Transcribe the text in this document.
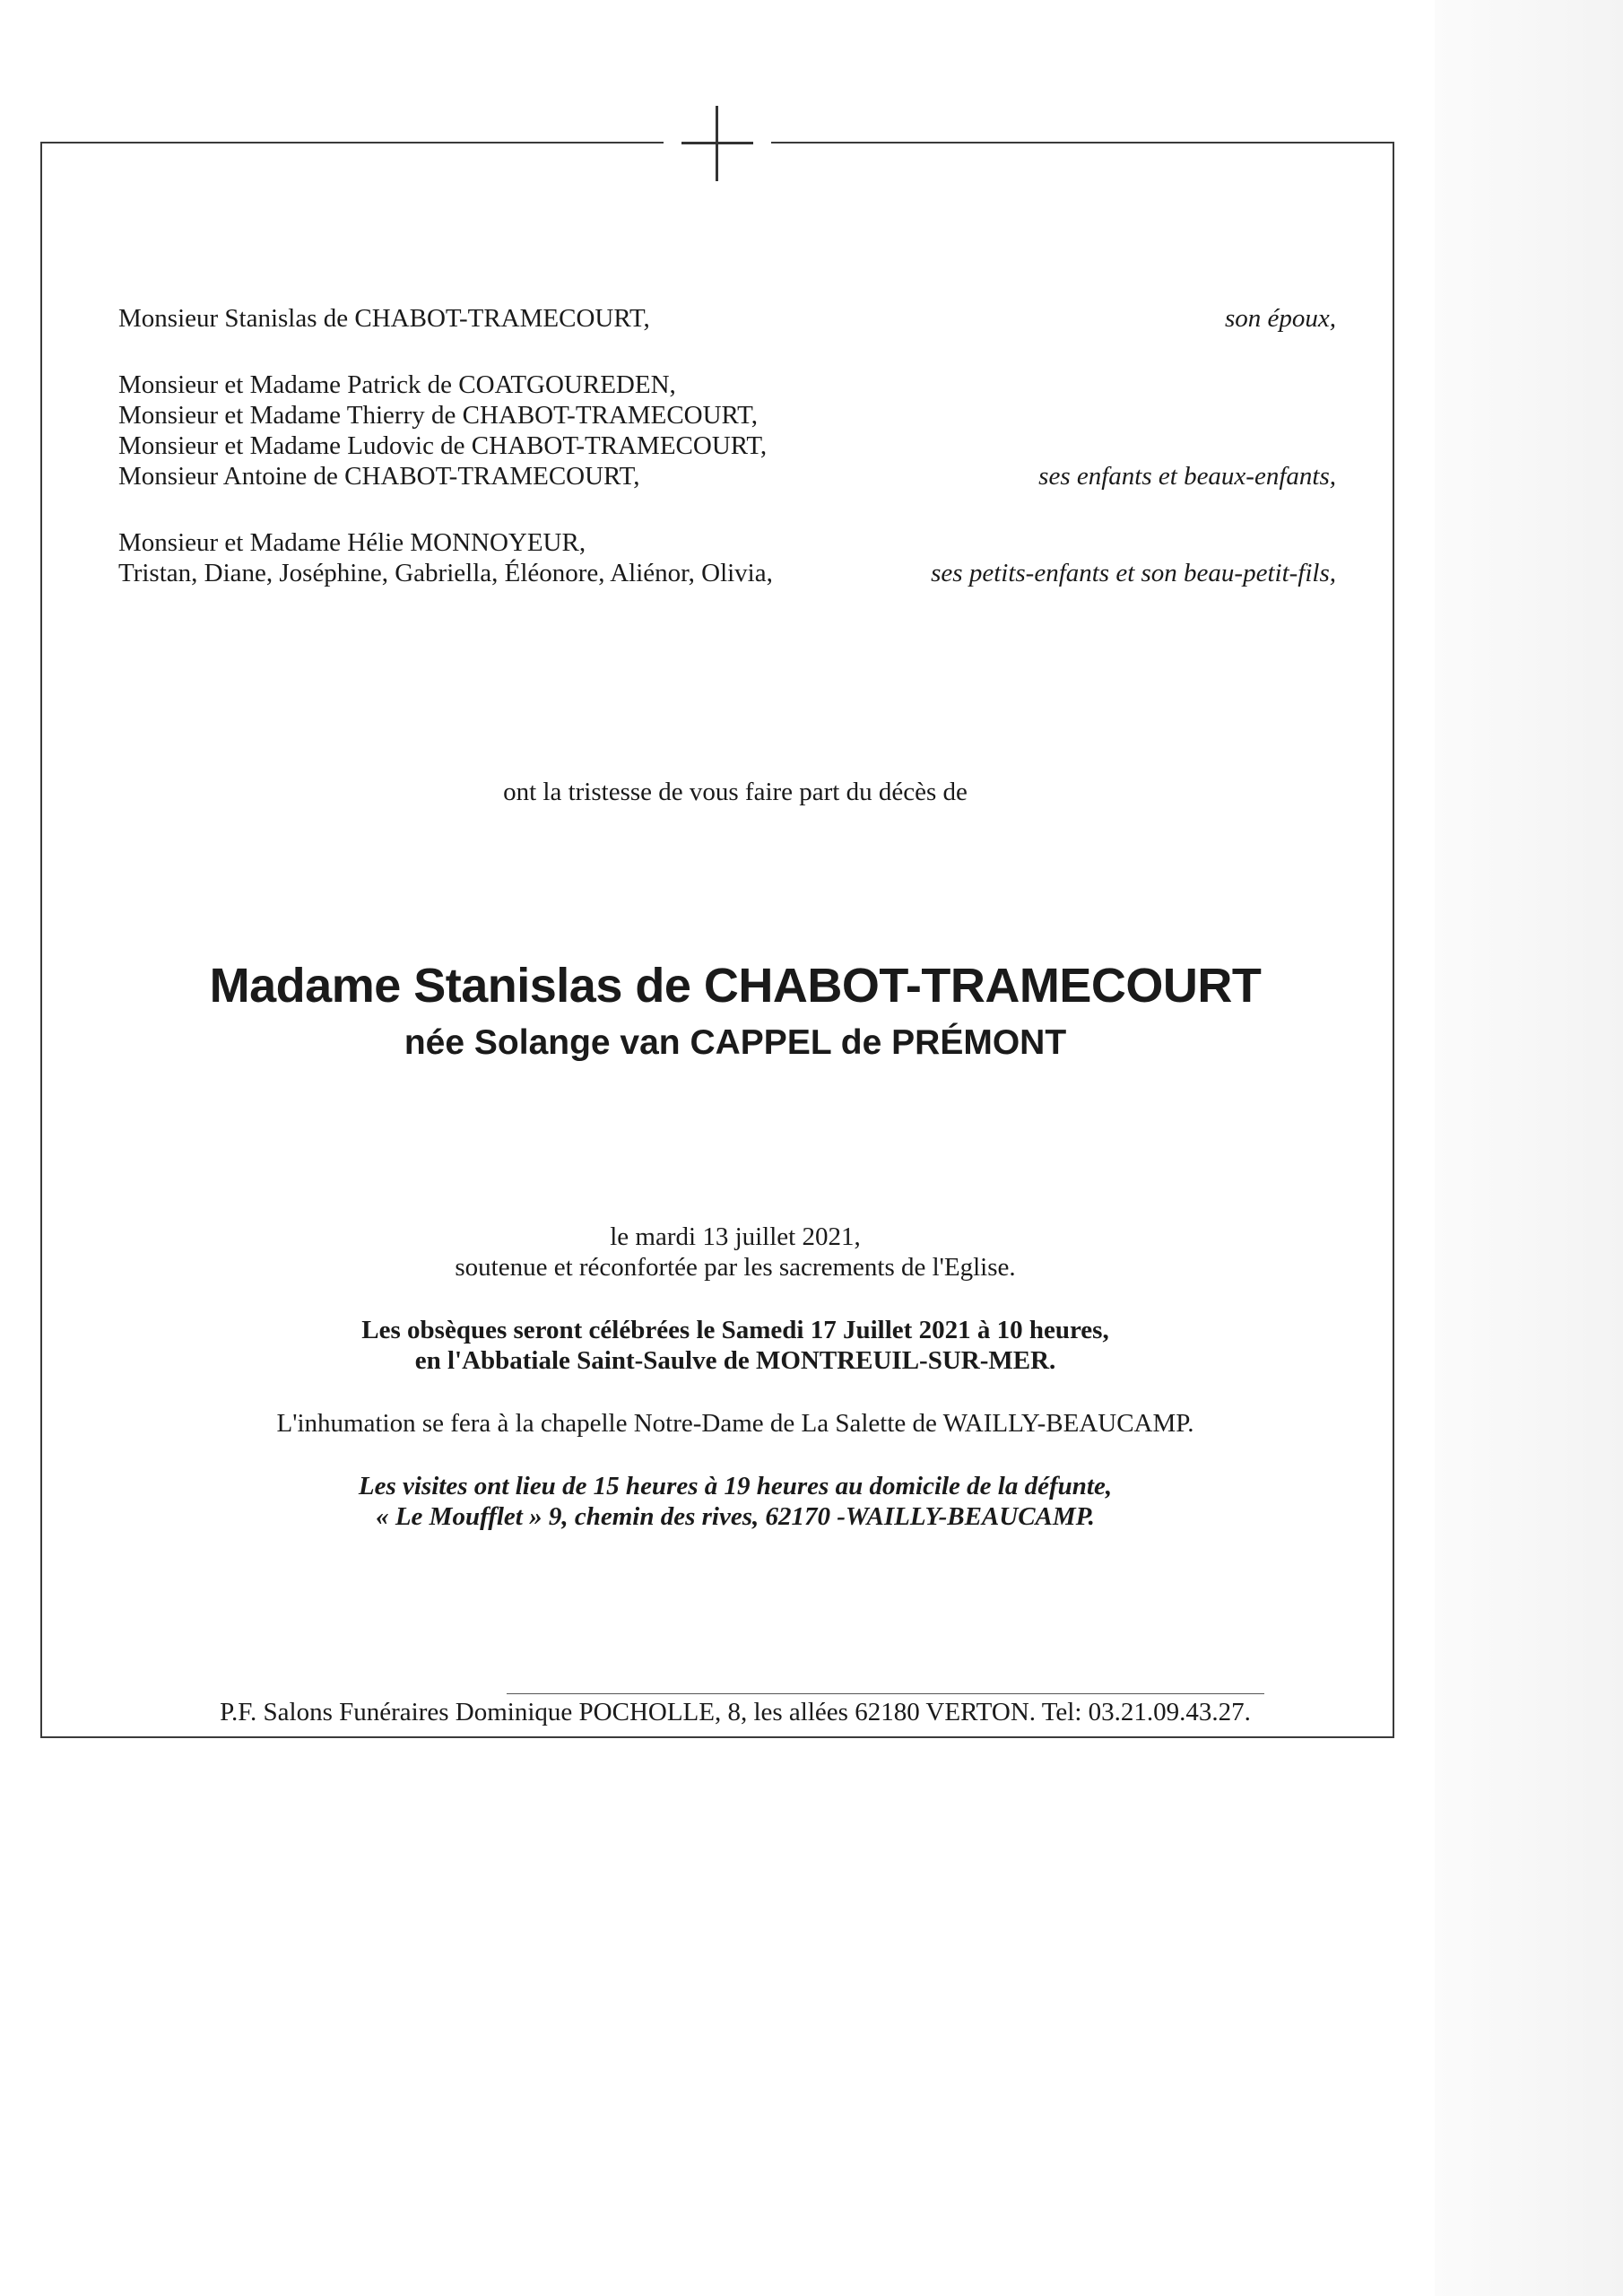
Monsieur Stanislas de CHABOT-TRAMECOURT,	son époux,
Monsieur et Madame Patrick de COATGOUREDEN,
Monsieur et Madame Thierry de CHABOT-TRAMECOURT,
Monsieur et Madame Ludovic de CHABOT-TRAMECOURT,
Monsieur Antoine de CHABOT-TRAMECOURT,	ses enfants et beaux-enfants,
Monsieur et Madame Hélie MONNOYEUR,
Tristan, Diane, Joséphine, Gabriella, Éléonore, Aliénor, Olivia,	ses petits-enfants et son beau-petit-fils,
ont la tristesse de vous faire part du décès de
Madame Stanislas de CHABOT-TRAMECOURT
née Solange van CAPPEL de PRÉMONT
le mardi 13 juillet 2021,
soutenue et réconfortée par les sacrements de l'Eglise.
Les obsèques seront célébrées le Samedi 17 Juillet 2021 à 10 heures,
en l'Abbatiale Saint-Saulve de MONTREUIL-SUR-MER.
L'inhumation se fera à la chapelle Notre-Dame de La Salette de WAILLY-BEAUCAMP.
Les visites ont lieu de 15 heures à 19 heures au domicile de la défunte,
« Le Moufflet » 9, chemin des rives, 62170 -WAILLY-BEAUCAMP.
P.F. Salons Funéraires Dominique POCHOLLE, 8, les allées 62180 VERTON. Tel: 03.21.09.43.27.
